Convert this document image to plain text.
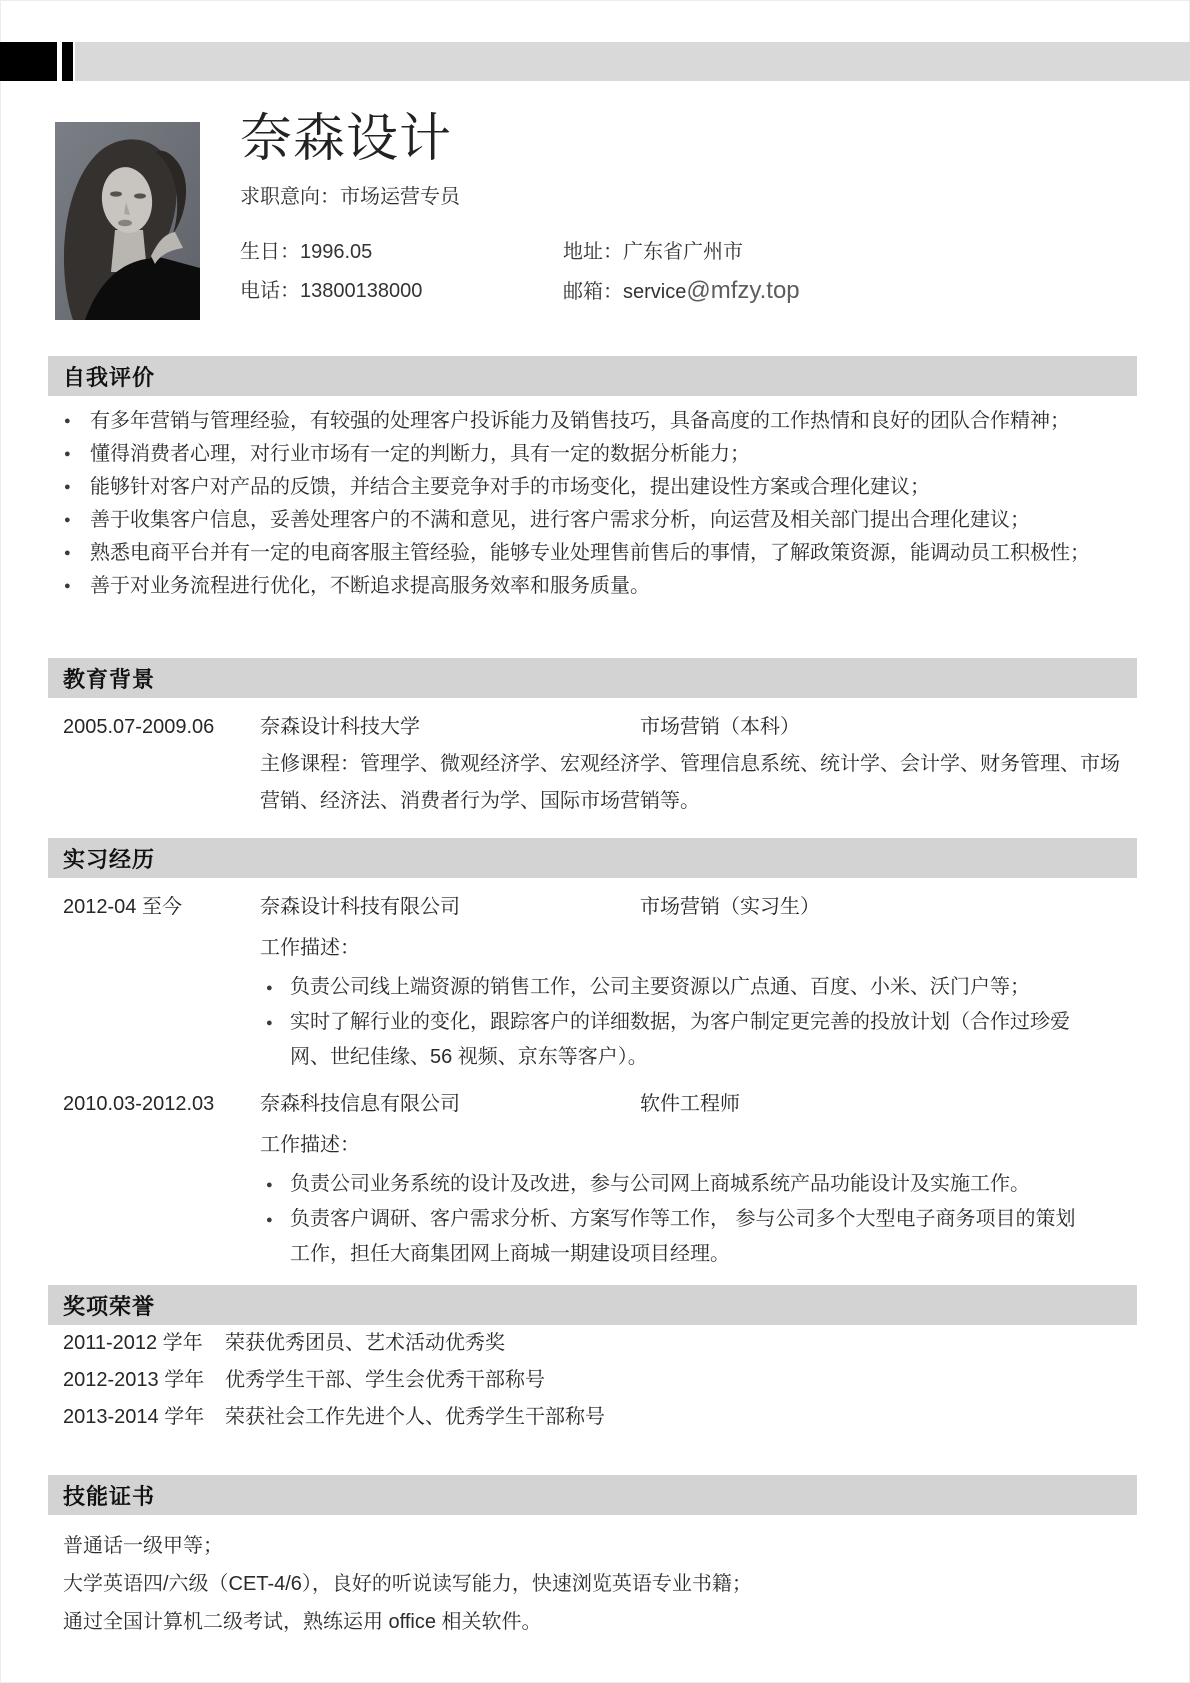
奈森设计
求职意向：市场运营专员
生日：1996.05	地址：广东省广州市
电话：13800138000	邮箱：service@mfzy.top
自我评价
● 有多年营销与管理经验，有较强的处理客户投诉能力及销售技巧，具备高度的工作热情和良好的团队合作精神；
● 懂得消费者心理，对行业市场有一定的判断力，具有一定的数据分析能力；
● 能够针对客户对产品的反馈，并结合主要竞争对手的市场变化，提出建设性方案或合理化建议；
● 善于收集客户信息，妥善处理客户的不满和意见，进行客户需求分析，向运营及相关部门提出合理化建议；
● 熟悉电商平台并有一定的电商客服主管经验，能够专业处理售前售后的事情，了解政策资源，能调动员工积极性；
● 善于对业务流程进行优化，不断追求提高服务效率和服务质量。
教育背景
2005.07-2009.06	奈森设计科技大学	市场营销（本科）
主修课程：管理学、微观经济学、宏观经济学、管理信息系统、统计学、会计学、财务管理、市场营销、经济法、消费者行为学、国际市场营销等。
实习经历
2012-04 至今	奈森设计科技有限公司	市场营销（实习生）
工作描述：
● 负责公司线上端资源的销售工作，公司主要资源以广点通、百度、小米、沃门户等；
● 实时了解行业的变化，跟踪客户的详细数据，为客户制定更完善的投放计划（合作过珍爱网、世纪佳缘、56 视频、京东等客户）。
2010.03-2012.03	奈森科技信息有限公司	软件工程师
工作描述：
● 负责公司业务系统的设计及改进，参与公司网上商城系统产品功能设计及实施工作。
● 负责客户调研、客户需求分析、方案写作等工作， 参与公司多个大型电子商务项目的策划工作，担任大商集团网上商城一期建设项目经理。
奖项荣誉
2011-2012 学年	荣获优秀团员、艺术活动优秀奖
2012-2013 学年	优秀学生干部、学生会优秀干部称号
2013-2014 学年	荣获社会工作先进个人、优秀学生干部称号
技能证书
普通话一级甲等；
大学英语四/六级（CET-4/6），良好的听说读写能力，快速浏览英语专业书籍；
通过全国计算机二级考试，熟练运用 office 相关软件。
